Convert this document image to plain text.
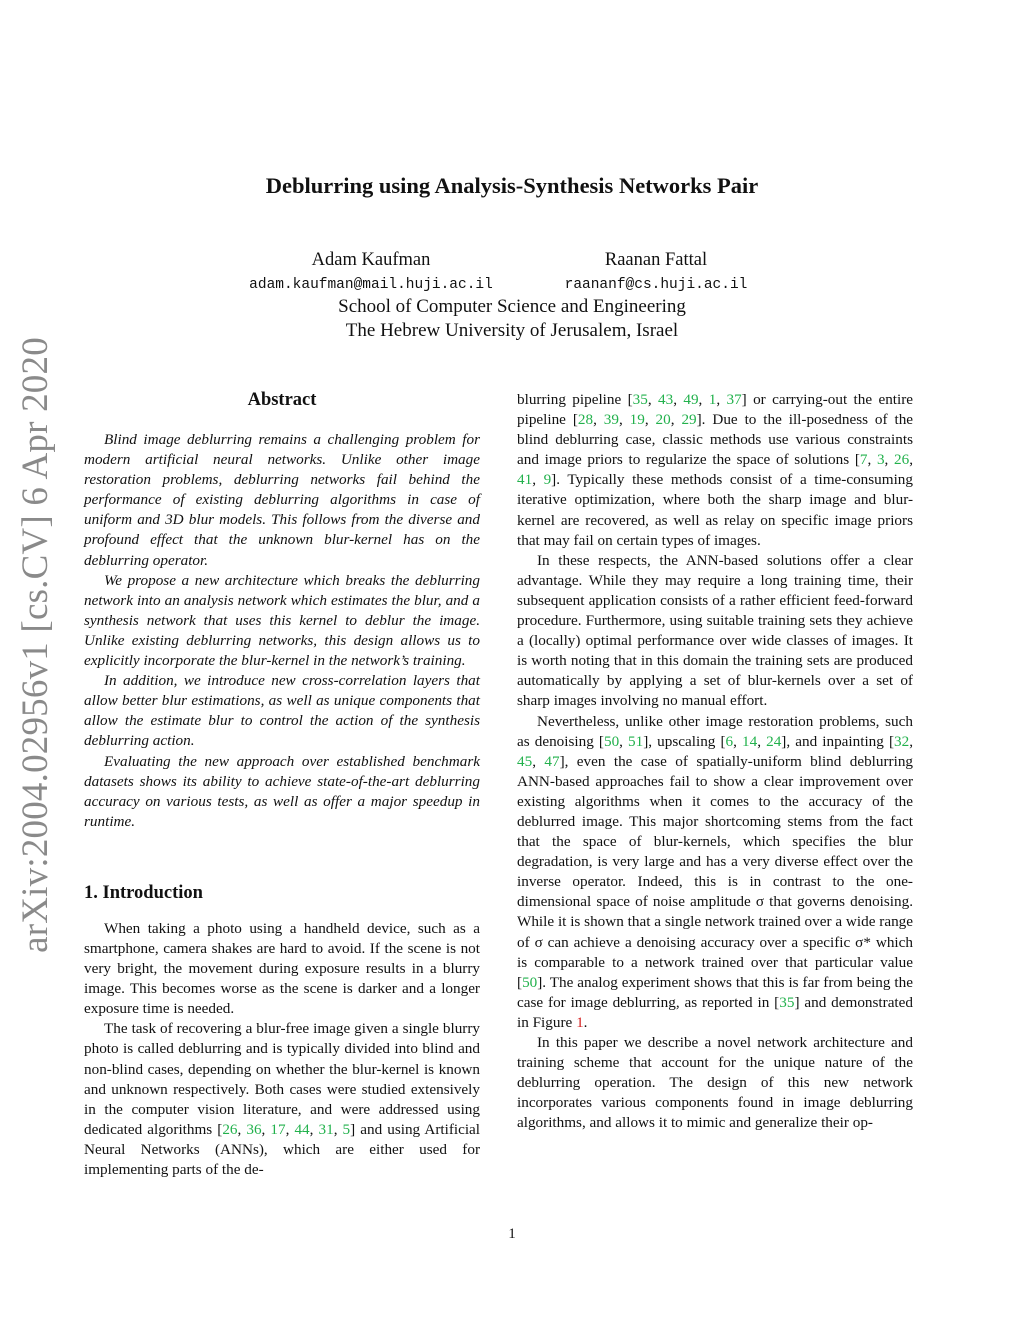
arXiv:2004.02956v1 [cs.CV] 6 Apr 2020
Deblurring using Analysis-Synthesis Networks Pair
Adam Kaufman	Raanan Fattal
adam.kaufman@mail.huji.ac.il	raananf@cs.huji.ac.il
School of Computer Science and Engineering
The Hebrew University of Jerusalem, Israel
Abstract

Blind image deblurring remains a challenging problem for modern artificial neural networks. Unlike other image restoration problems, deblurring networks fail behind the performance of existing deblurring algorithms in case of uniform and 3D blur models. This follows from the diverse and profound effect that the unknown blur-kernel has on the deblurring operator.

We propose a new architecture which breaks the deblurring network into an analysis network which estimates the blur, and a synthesis network that uses this kernel to deblur the image. Unlike existing deblurring networks, this design allows us to explicitly incorporate the blur-kernel in the network’s training.

In addition, we introduce new cross-correlation layers that allow better blur estimations, as well as unique components that allow the estimate blur to control the action of the synthesis deblurring action.

Evaluating the new approach over established benchmark datasets shows its ability to achieve state-of-the-art deblurring accuracy on various tests, as well as offer a major speedup in runtime.

1. Introduction

When taking a photo using a handheld device, such as a smartphone, camera shakes are hard to avoid. If the scene is not very bright, the movement during exposure results in a blurry image. This becomes worse as the scene is darker and a longer exposure time is needed.

The task of recovering a blur-free image given a single blurry photo is called deblurring and is typically divided into blind and non-blind cases, depending on whether the blur-kernel is known and unknown respectively. Both cases were studied extensively in the computer vision literature, and were addressed using dedicated algorithms [26, 36, 17, 44, 31, 5] and using Artificial Neural Networks (ANNs), which are either used for implementing parts of the de-

blurring pipeline [35, 43, 49, 1, 37] or carrying-out the entire pipeline [28, 39, 19, 20, 29]. Due to the ill-posedness of the blind deblurring case, classic methods use various constraints and image priors to regularize the space of solutions [7, 3, 26, 41, 9]. Typically these methods consist of a time-consuming iterative optimization, where both the sharp image and blur-kernel are recovered, as well as relay on specific image priors that may fail on certain types of images.

In these respects, the ANN-based solutions offer a clear advantage. While they may require a long training time, their subsequent application consists of a rather efficient feed-forward procedure. Furthermore, using suitable training sets they achieve a (locally) optimal performance over wide classes of images. It is worth noting that in this domain the training sets are produced automatically by applying a set of blur-kernels over a set of sharp images involving no manual effort.

Nevertheless, unlike other image restoration problems, such as denoising [50, 51], upscaling [6, 14, 24], and inpainting [32, 45, 47], even the case of spatially-uniform blind deblurring ANN-based approaches fail to show a clear improvement over existing algorithms when it comes to the accuracy of the deblurred image. This major shortcoming stems from the fact that the space of blur-kernels, which specifies the blur degradation, is very large and has a very diverse effect over the inverse operator. Indeed, this is in contrast to the one-dimensional space of noise amplitude σ that governs denoising. While it is shown that a single network trained over a wide range of σ can achieve a denoising accuracy over a specific σ* which is comparable to a network trained over that particular value [50]. The analog experiment shows that this is far from being the case for image deblurring, as reported in [35] and demonstrated in Figure 1.

In this paper we describe a novel network architecture and training scheme that account for the unique nature of the deblurring operation. The design of this new network incorporates various components found in image deblurring algorithms, and allows it to mimic and generalize their op-

1
